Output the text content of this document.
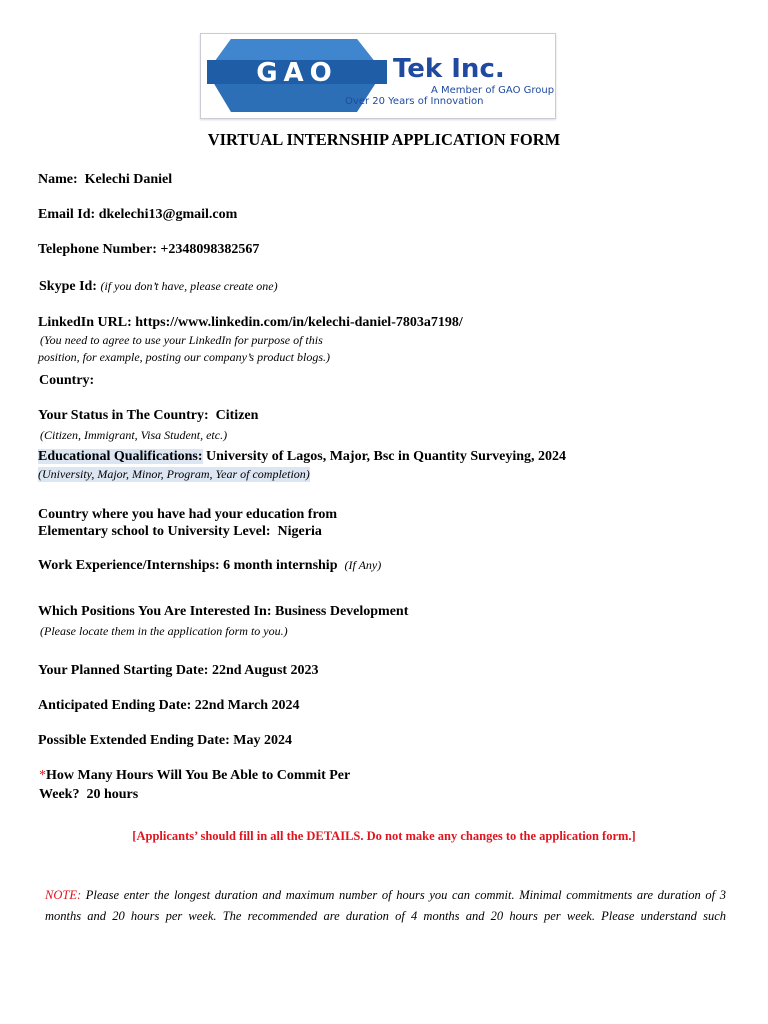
GAO Tek Inc.
A Member of GAO Group
Over 20 Years of Innovation
VIRTUAL INTERNSHIP APPLICATION FORM
Name: Kelechi Daniel
Email Id: dkelechi13@gmail.com
Telephone Number: +2348098382567
Skype Id: (if you don’t have, please create one)
LinkedIn URL: https://www.linkedin.com/in/kelechi-daniel-7803a7198/
(You need to agree to use your LinkedIn for purpose of this
position, for example, posting our company’s product blogs.)
Country:
Your Status in The Country: Citizen
(Citizen, Immigrant, Visa Student, etc.)
Educational Qualifications: University of Lagos, Major, Bsc in Quantity Surveying, 2024
(University, Major, Minor, Program, Year of completion)
Country where you have had your education from
Elementary school to University Level: Nigeria
Work Experience/Internships: 6 month internship (If Any)
Which Positions You Are Interested In: Business Development
(Please locate them in the application form to you.)
Your Planned Starting Date: 22nd August 2023
Anticipated Ending Date: 22nd March 2024
Possible Extended Ending Date: May 2024
*How Many Hours Will You Be Able to Commit Per
Week? 20 hours
[Applicants’ should fill in all the DETAILS. Do not make any changes to the application form.]
NOTE: Please enter the longest duration and maximum number of hours you can commit. Minimal commitments are duration of 3 months and 20 hours per week. The recommended are duration of 4 months and 20 hours per week. Please understand such
